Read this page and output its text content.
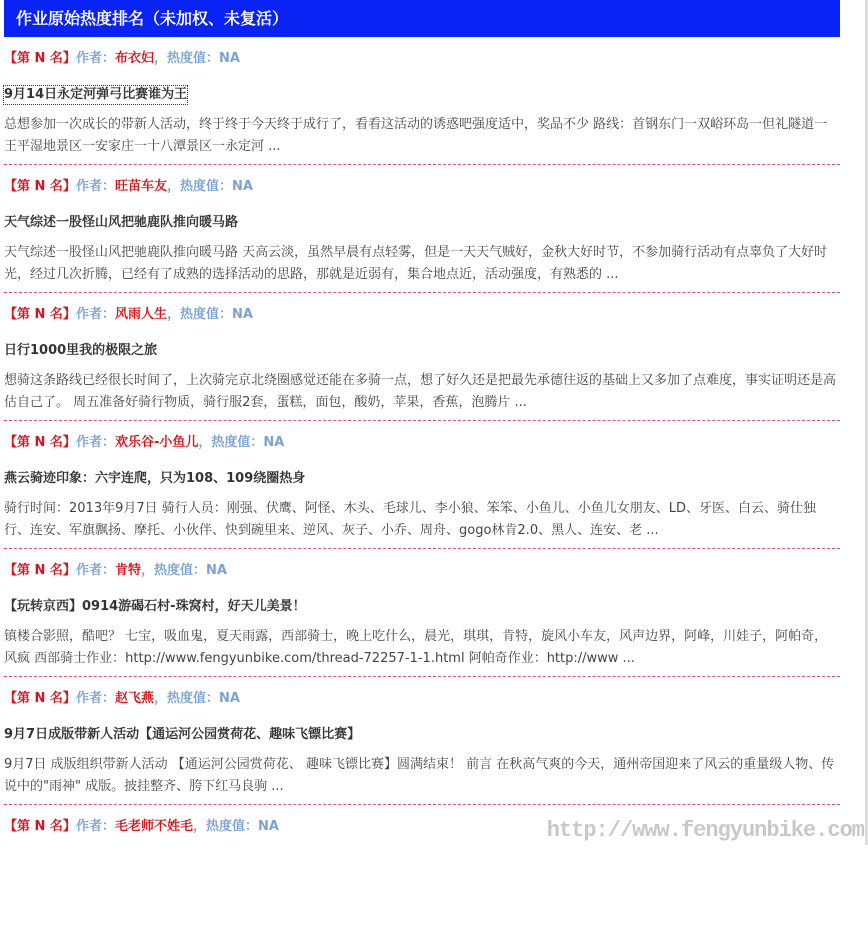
作业原始热度排名（未加权、未复活）
【第 N 名】作者：布衣妇，热度值：NA
9月14日永定河弹弓比赛谁为王
总想参加一次成长的带新人活动，终于终于今天终于成行了，看看这活动的诱惑吧强度适中，奖品不少 路线：首钢东门一双峪环岛一但礼隧道一王平湿地景区一安家庄一十八潭景区一永定河 ...
【第 N 名】作者：旺苗车友，热度值：NA
天气综述一股怪山风把驰鹿队推向暖马路
天气综述一股怪山风把驰鹿队推向暖马路 天高云淡，虽然早晨有点轻雾，但是一天天气贼好，金秋大好时节，不参加骑行活动有点辜负了大好时光，经过几次折腾，已经有了成熟的选择活动的思路，那就是近弱有，集合地点近，活动强度，有熟悉的 ...
【第 N 名】作者：风雨人生，热度值：NA
日行1000里我的极限之旅
想骑这条路线已经很长时间了，上次骑完京北绕圈感觉还能在多骑一点，想了好久还是把最先承德往返的基础上又多加了点难度，事实证明还是高估自己了。 周五准备好骑行物质，骑行服2套，蛋糕，面包，酸奶，苹果，香蕉，泡腾片 ...
【第 N 名】作者：欢乐谷-小鱼儿，热度值：NA
燕云骑迹印象：六宇连爬，只为108、109绕圈热身
骑行时间：2013年9月7日 骑行人员：刚强、伏鹰、阿怪、木头、毛球儿、李小狼、笨笨、小鱼儿、小鱼儿女朋友、LD、牙医、白云、骑仕独行、连安、军旗飘扬、摩托、小伙伴、快到碗里来、逆风、灰子、小乔、周舟、gogo林肯2.0、黑人、连安、老 ...
【第 N 名】作者：肯特，热度值：NA
【玩转京西】0914游碣石村-珠窝村，好天儿美景！
镇楼合影照，酷吧？ 七宝，吸血鬼，夏天雨露，西部骑士，晚上吃什么，晨光，琪琪，肯特，旋风小车友，风声边界，阿峰，川娃子，阿帕奇，风疯 西部骑士作业：http://www.fengyunbike.com/thread-72257-1-1.html 阿帕奇作业：http://www ...
【第 N 名】作者：赵飞燕，热度值：NA
9月7日成版带新人活动【通运河公园赏荷花、趣味飞镖比赛】
9月7日 成版组织带新人活动 【通运河公园赏荷花、 趣味飞镖比赛】圆满结束！ 前言 在秋高气爽的今天，通州帝国迎来了风云的重量级人物、传说中的"雨神" 成版。披挂整齐、胯下红马良驹 ...
【第 N 名】作者：毛老师不姓毛，热度值：NA	http://www.fengyunbike.com
